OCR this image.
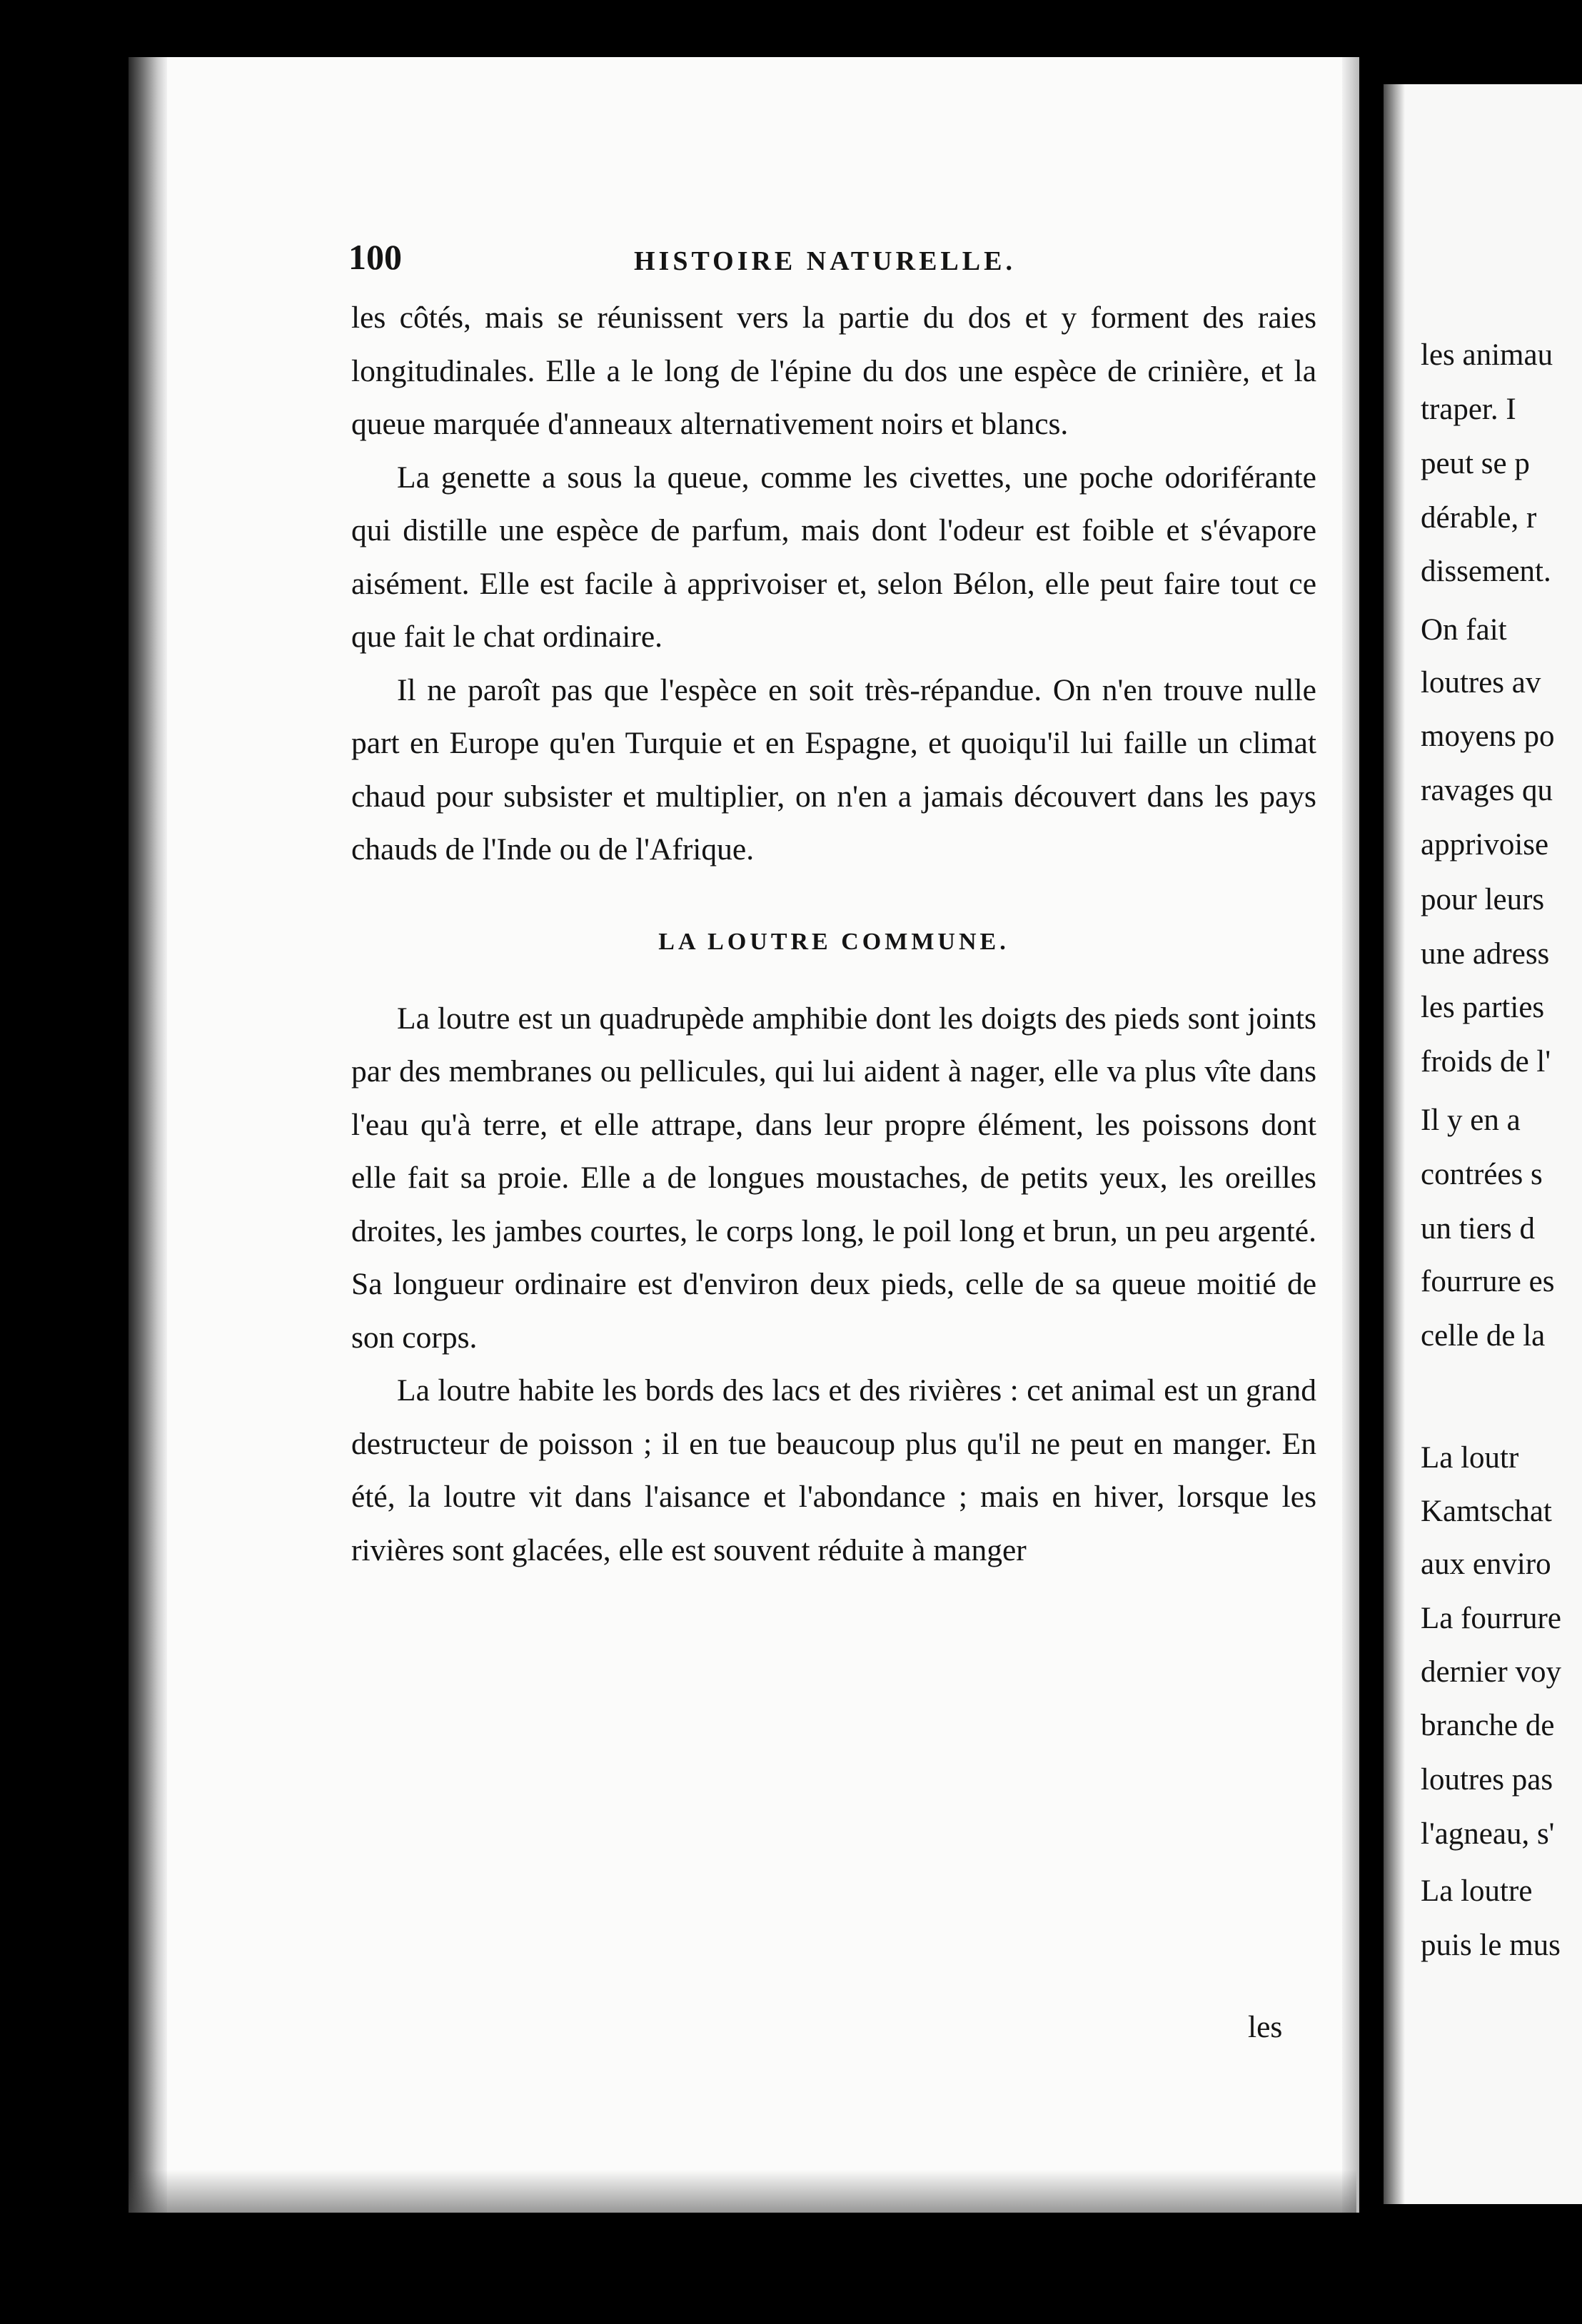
100	HISTOIRE NATURELLE.

les côtés, mais se réunissent vers la partie du dos et y forment des raies longitudinales. Elle a le long de l'épine du dos une espèce de crinière, et la queue marquée d'anneaux alternativement noirs et blancs.

La genette a sous la queue, comme les civettes, une poche odoriférante qui distille une espèce de parfum, mais dont l'odeur est foible et s'évapore aisément. Elle est facile à apprivoiser et, selon Bélon, elle peut faire tout ce que fait le chat ordinaire.

Il ne paroît pas que l'espèce en soit très-répandue. On n'en trouve nulle part en Europe qu'en Turquie et en Espagne, et quoiqu'il lui faille un climat chaud pour subsister et multiplier, on n'en a jamais découvert dans les pays chauds de l'Inde ou de l'Afrique.

LA LOUTRE COMMUNE.

La loutre est un quadrupède amphibie dont les doigts des pieds sont joints par des membranes ou pellicules, qui lui aident à nager, elle va plus vîte dans l'eau qu'à terre, et elle attrape, dans leur propre élément, les poissons dont elle fait sa proie. Elle a de longues moustaches, de petits yeux, les oreilles droites, les jambes courtes, le corps long, le poil long et brun, un peu argenté. Sa longueur ordinaire est d'environ deux pieds, celle de sa queue moitié de son corps.

La loutre habite les bords des lacs et des rivières : cet animal est un grand destructeur de poisson ; il en tue beaucoup plus qu'il ne peut en manger. En été, la loutre vit dans l'aisance et l'abondance ; mais en hiver, lorsque les rivières sont glacées, elle est souvent réduite à manger

les
les animau
traper. I
peut se p
dérable, r
dissement.
On fait
loutres av
moyens po
ravages qu
apprivoise
pour leurs
une adress
les parties
froids de l'
Il y en a
contrées s
un tiers d
fourrure es
celle de la
La loutr
Kamtschat
aux enviro
La fourrure
dernier voy
branche de
loutres pas
l'agneau, s'
La loutre
puis le mus
